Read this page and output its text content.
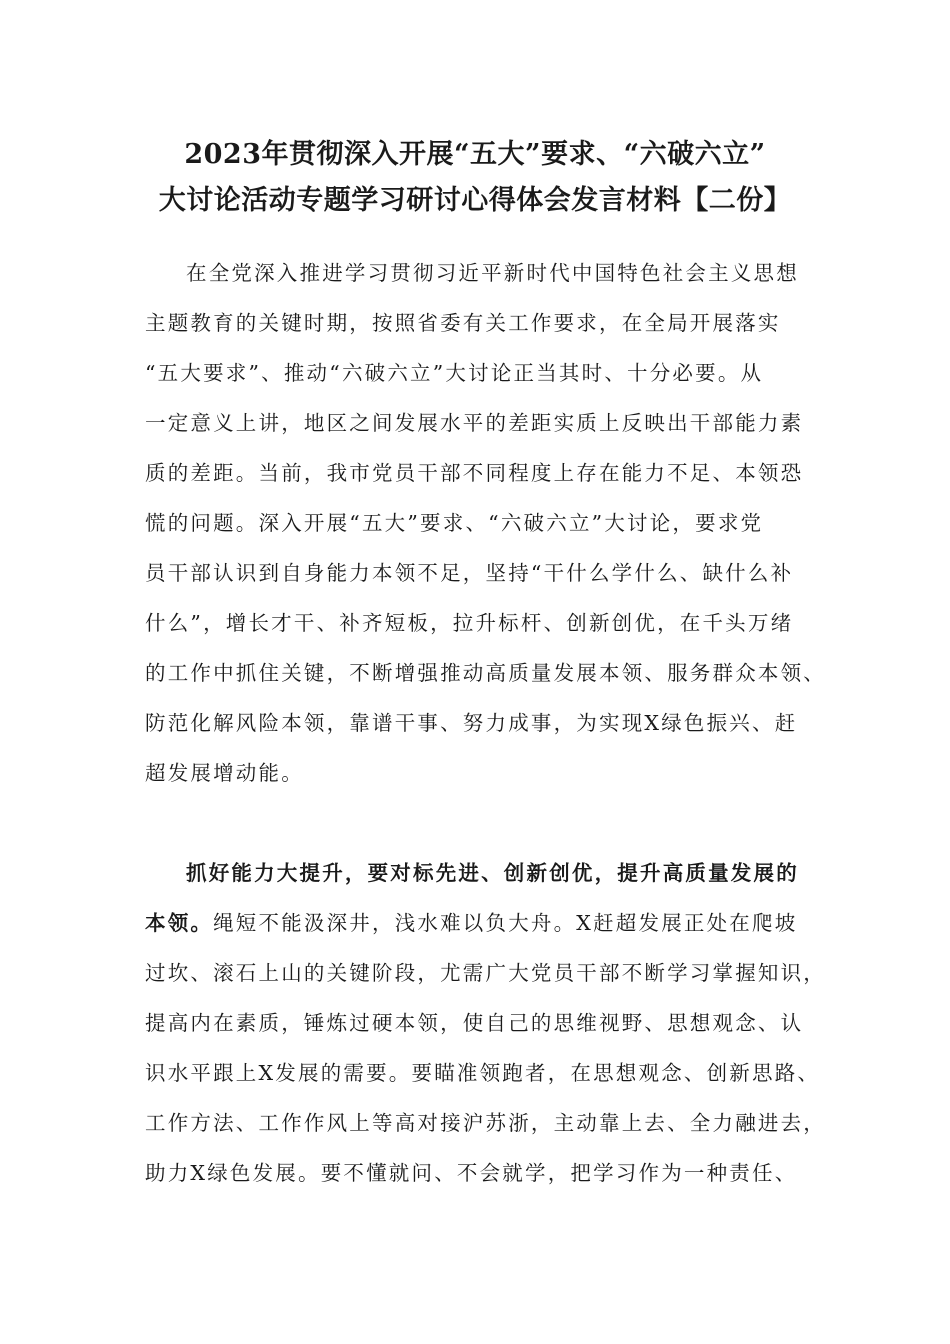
2023年贯彻深入开展“五大”要求、“六破六立”
大讨论活动专题学习研讨心得体会发言材料【二份】
在全党深入推进学习贯彻习近平新时代中国特色社会主义思想
主题教育的关键时期，按照省委有关工作要求，在全局开展落实
“五大要求”、推动“六破六立”大讨论正当其时、十分必要。从
一定意义上讲，地区之间发展水平的差距实质上反映出干部能力素
质的差距。当前，我市党员干部不同程度上存在能力不足、本领恐
慌的问题。深入开展“五大”要求、“六破六立”大讨论，要求党
员干部认识到自身能力本领不足，坚持“干什么学什么、缺什么补
什么”，增长才干、补齐短板，拉升标杆、创新创优，在千头万绪
的工作中抓住关键，不断增强推动高质量发展本领、服务群众本领、
防范化解风险本领，靠谱干事、努力成事，为实现X绿色振兴、赶
超发展增动能。
抓好能力大提升，要对标先进、创新创优，提升高质量发展的
本领。绳短不能汲深井，浅水难以负大舟。X赶超发展正处在爬坡
过坎、滚石上山的关键阶段，尤需广大党员干部不断学习掌握知识，
提高内在素质，锤炼过硬本领，使自己的思维视野、思想观念、认
识水平跟上X发展的需要。要瞄准领跑者，在思想观念、创新思路、
工作方法、工作作风上等高对接沪苏浙，主动靠上去、全力融进去，
助力X绿色发展。要不懂就问、不会就学，把学习作为一种责任、
